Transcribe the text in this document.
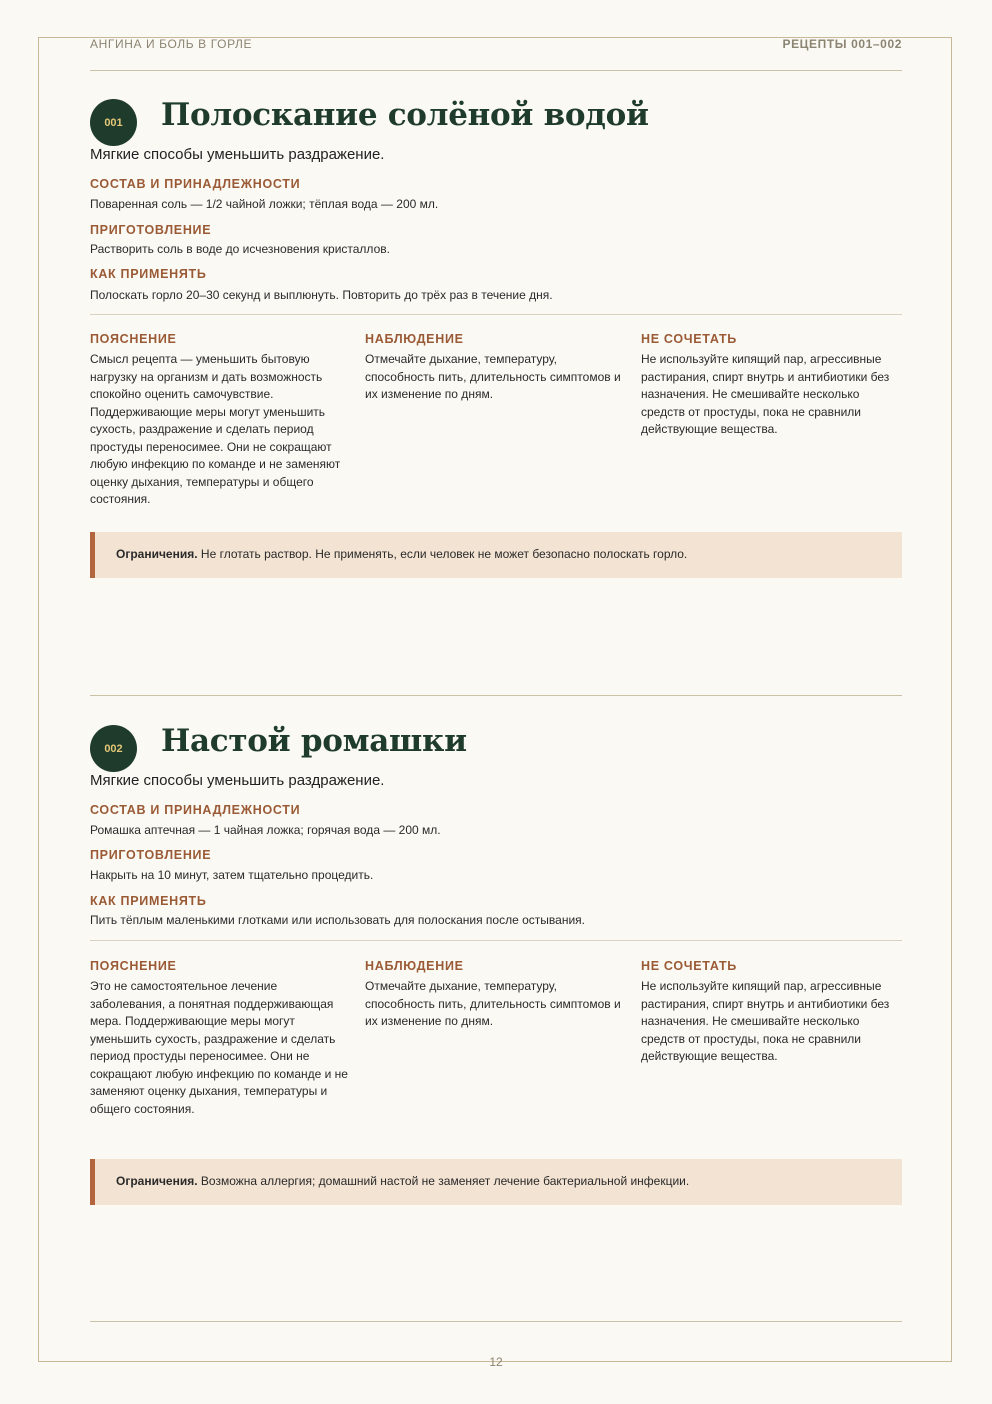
АНГИНА И БОЛЬ В ГОРЛЕ	РЕЦЕПТЫ 001–002
001	Полоскание солёной водой
Мягкие способы уменьшить раздражение.
СОСТАВ И ПРИНАДЛЕЖНОСТИ
Поваренная соль — 1/2 чайной ложки; тёплая вода — 200 мл.
ПРИГОТОВЛЕНИЕ
Растворить соль в воде до исчезновения кристаллов.
КАК ПРИМЕНЯТЬ
Полоскать горло 20–30 секунд и выплюнуть. Повторить до трёх раз в течение дня.
ПОЯСНЕНИЕ
Смысл рецепта — уменьшить бытовую нагрузку на организм и дать возможность спокойно оценить самочувствие. Поддерживающие меры могут уменьшить сухость, раздражение и сделать период простуды переносимее. Они не сокращают любую инфекцию по команде и не заменяют оценку дыхания, температуры и общего состояния.
НАБЛЮДЕНИЕ
Отмечайте дыхание, температуру, способность пить, длительность симптомов и их изменение по дням.
НЕ СОЧЕТАТЬ
Не используйте кипящий пар, агрессивные растирания, спирт внутрь и антибиотики без назначения. Не смешивайте несколько средств от простуды, пока не сравнили действующие вещества.
Ограничения. Не глотать раствор. Не применять, если человек не может безопасно полоскать горло.
002	Настой ромашки
Мягкие способы уменьшить раздражение.
СОСТАВ И ПРИНАДЛЕЖНОСТИ
Ромашка аптечная — 1 чайная ложка; горячая вода — 200 мл.
ПРИГОТОВЛЕНИЕ
Накрыть на 10 минут, затем тщательно процедить.
КАК ПРИМЕНЯТЬ
Пить тёплым маленькими глотками или использовать для полоскания после остывания.
ПОЯСНЕНИЕ
Это не самостоятельное лечение заболевания, а понятная поддерживающая мера. Поддерживающие меры могут уменьшить сухость, раздражение и сделать период простуды переносимее. Они не сокращают любую инфекцию по команде и не заменяют оценку дыхания, температуры и общего состояния.
НАБЛЮДЕНИЕ
Отмечайте дыхание, температуру, способность пить, длительность симптомов и их изменение по дням.
НЕ СОЧЕТАТЬ
Не используйте кипящий пар, агрессивные растирания, спирт внутрь и антибиотики без назначения. Не смешивайте несколько средств от простуды, пока не сравнили действующие вещества.
Ограничения. Возможна аллергия; домашний настой не заменяет лечение бактериальной инфекции.
12
